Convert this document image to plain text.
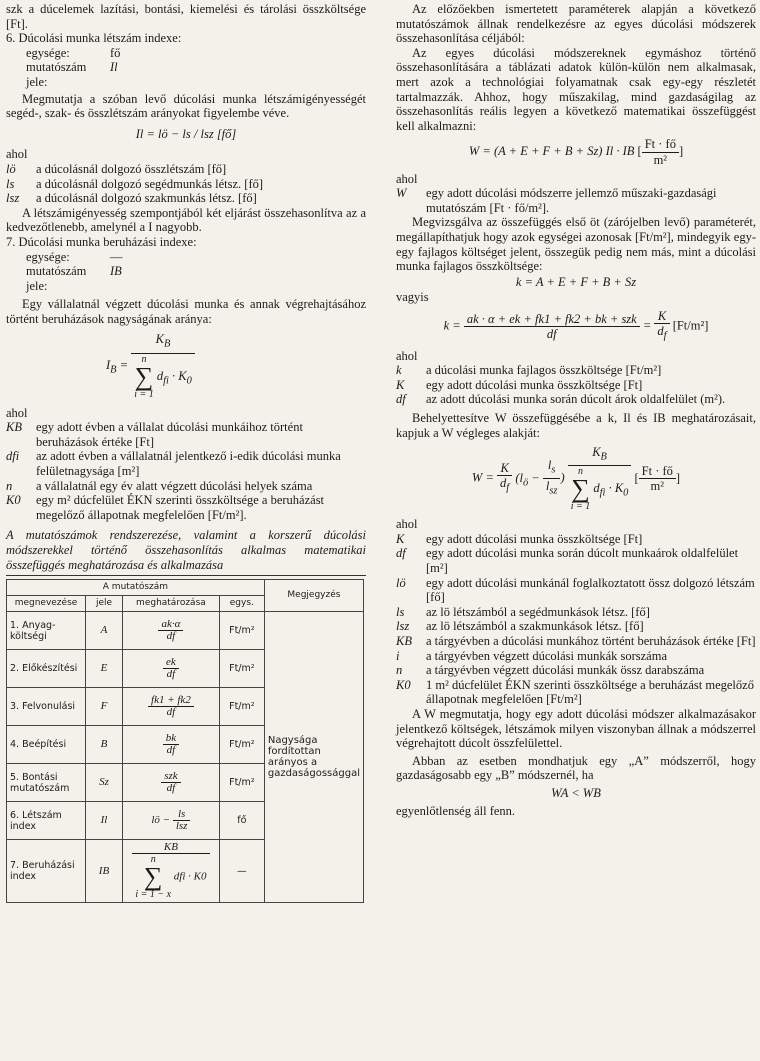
szk a dúcelemek lazítási, bontási, kiemelési és tárolási összköltsége [Ft].

6. Dúcolási munka létszám indexe:

egysége:	fő
mutatószám jele:
Il

Megmutatja a szóban levő dúcolási munka létszámigényességét segéd-, szak- és összlétszám arányokat figyelembe véve.

Il = lö − ls / lsz [fő]

ahol

lö	a dúcolásnál dolgozó összlétszám [fő]
ls	a dúcolásnál dolgozó segédmunkás létsz. [fő]
lsz	a dúcolásnál dolgozó szakmunkás létsz. [fő]

A létszámigényesség szempontjából két eljárást összehasonlítva az a kedvezőtlenebb, amelynél a I nagyobb.

7. Dúcolási munka beruházási indexe:

egysége:	—
mutatószám jele:
IB

Egy vállalatnál végzett dúcolási munka és annak végrehajtásához történt beruházások nagyságának aránya:

$I_B = K_B$
n
∑
i = 1
$d_{fi} \cdot K_0$

ahol

KB	egy adott évben a vállalat dúcolási munkáihoz történt beruházások értéke [Ft]
dfi	az adott évben a vállalatnál jelentkező i-edik dúcolási munka felületnagysága [m²]
n	a vállalatnál egy év alatt végzett dúcolási helyek száma
K0	egy m² dúcfelület ÉKN szerinti összköltsége a beruházást megelőző állapotnak megfelelően [Ft/m²].

A mutatószámok rendszerezése, valamint a korszerű dúcolási módszerekkel történő összehasonlítás alkalmas matematikai összefüggés meghatározása és alkalmazása

A mutatószám				Megjegyzés
megnevezése	jele	meghatározása	egys.	
1. Anyag-
költségi	A	$\frac{ak\cdot\alpha}{df}$	Ft/m²	Nagysága fordítottan arányos a gazdaságossággal
2. Előkészítési	E	$\frac{ek}{df}$	Ft/m²	
3. Felvonulási	F	$\frac{fk1 + fk2}{df}$	Ft/m²	
4. Beépítési	B	$\frac{bk}{df}$	Ft/m²	
5. Bontási
mutatószám	Sz	$\frac{\text{szk}}{df}$	Ft/m²	
6. Létszám
index	Il	lö − $\frac{ls}{\text{lsz}}$	fő	
7. Beruházási
index	IB	KB
n
∑
i = 1 − x
dfi · K0	—	

Az előzőekben ismertetett paraméterek alapján a következő mutatószámok állnak rendelkezésre az egyes dúcolási módszerek összehasonlítása céljából:

Az egyes dúcolási módszereknek egymáshoz történő összehasonlítására a táblázati adatok külön-külön nem alkalmasak, mert azok a technológiai folyamatnak csak egy-egy részletét tartalmazzák. Ahhoz, hogy műszakilag, mind gazdaságilag az összehasonlítás reális legyen a következő matematikai összefüggést kell alkalmazni:

W = (A + E + F + B + Sz) Il · IB [ $\frac{Ft \cdot fő}{\text{m²}}$ ]

ahol

W	egy adott dúcolási módszerre jellemző műszaki-gazdasági mutatószám [Ft · fő/m²].

Megvizsgálva az összefüggés első öt (zárójelben levő) paraméterét, megállapíthatjuk hogy azok egységei azonosak [Ft/m²], mindegyik egy-egy fajlagos költséget jelent, összegük pedig nem más, mint a dúcolási munka fajlagos összköltsége:

k = A + E + F + B + Sz

vagyis

$k = \frac{\text{ak · α + ek + fk1 + fk2 + bk + szk}}{df} = \frac{K}{d_f} [Ft/m^2]$

ahol

k	a dúcolási munka fajlagos összköltsége [Ft/m²]
K	egy adott dúcolási munka összköltsége [Ft]
df	az adott dúcolási munka során dúcolt árok oldalfelület (m²).

Behelyettesítve W összefüggésébe a k, Il és IB meghatározásait, kapjuk a W végleges alakját:

$W = \frac{K}{d_f} (l_ö - \frac{l_s}{l_{sz}}$ ) $K_B$
n
∑
i = 1
$d_{fi} \cdot K_0$ [ $\frac{Ft \cdot fő}{\text{m²}}$ ]

ahol

K	egy adott dúcolási munka összköltsége [Ft]
df	egy adott dúcolási munka során dúcolt munkaárok oldalfelület [m²]
lö	egy adott dúcolási munkánál foglalkoztatott össz dolgozó létszám [fő]
ls	az lö létszámból a segédmunkások létsz. [fő]
lsz	az lö létszámból a szakmunkások létsz. [fő]
KB	a tárgyévben a dúcolási munkához történt beruházások értéke [Ft]
i	a tárgyévben végzett dúcolási munkák sorszáma
n	a tárgyévben végzett dúcolási munkák össz darabszáma
K0	1 m² dúcfelület ÉKN szerinti összköltsége a beruházást megelőző állapotnak megfelelően [Ft/m²]

A W megmutatja, hogy egy adott dúcolási módszer alkalmazásakor jelentkező költségek, létszámok milyen viszonyban állnak a módszerrel végrehajtott dúcolt összfelülettel.

Abban az esetben mondhatjuk egy „A” módszerről, hogy gazdaságosabb egy „B” módszernél, ha

WA < WB

egyenlőtlenség áll fenn.
